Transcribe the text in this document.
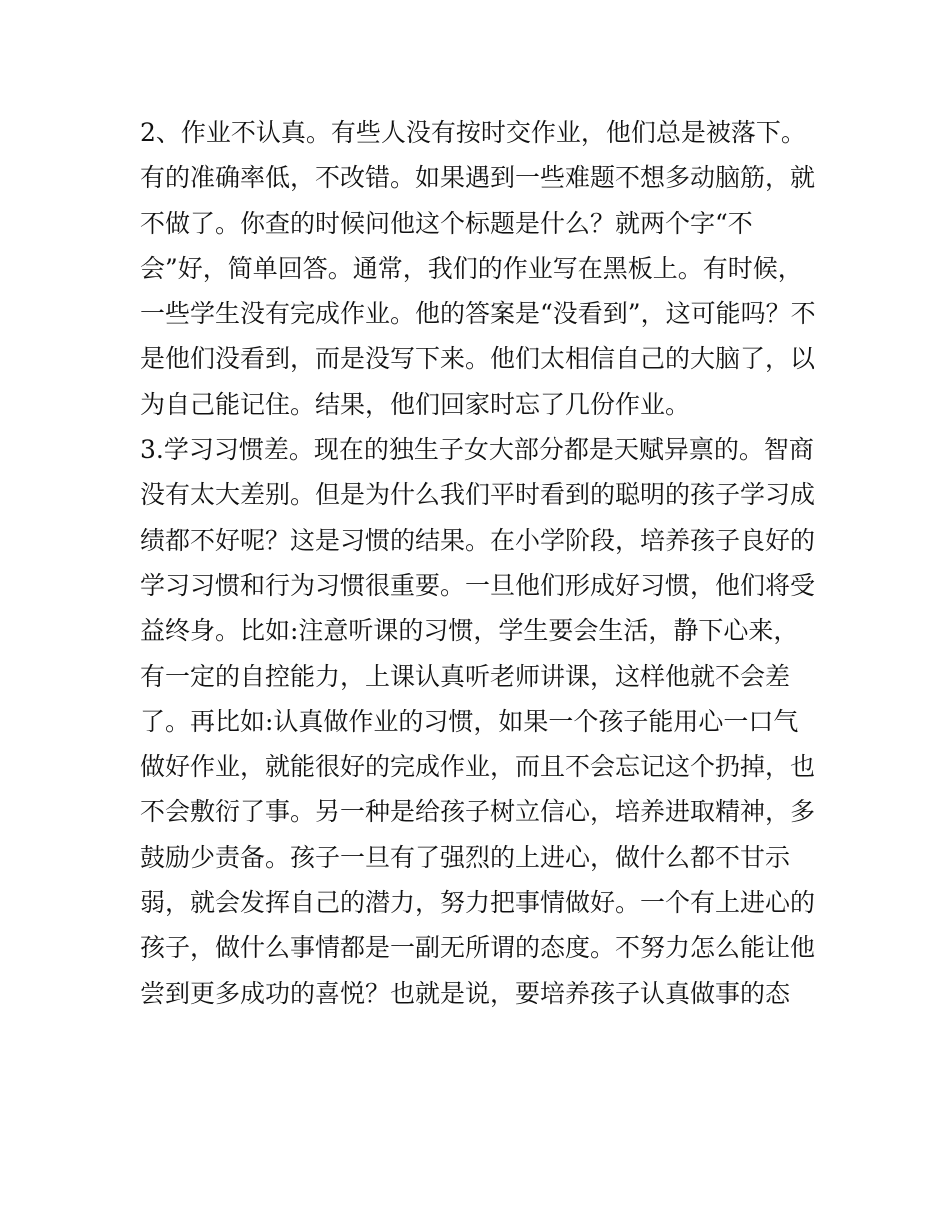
2、作业不认真。有些人没有按时交作业，他们总是被落下。
有的准确率低，不改错。如果遇到一些难题不想多动脑筋，就
不做了。你查的时候问他这个标题是什么？就两个字“不
会”好，简单回答。通常，我们的作业写在黑板上。有时候，
一些学生没有完成作业。他的答案是“没看到”，这可能吗？不
是他们没看到，而是没写下来。他们太相信自己的大脑了，以
为自己能记住。结果，他们回家时忘了几份作业。
3.学习习惯差。现在的独生子女大部分都是天赋异禀的。智商
没有太大差别。但是为什么我们平时看到的聪明的孩子学习成
绩都不好呢？这是习惯的结果。在小学阶段，培养孩子良好的
学习习惯和行为习惯很重要。一旦他们形成好习惯，他们将受
益终身。比如:注意听课的习惯，学生要会生活，静下心来，
有一定的自控能力，上课认真听老师讲课，这样他就不会差
了。再比如:认真做作业的习惯，如果一个孩子能用心一口气
做好作业，就能很好的完成作业，而且不会忘记这个扔掉，也
不会敷衍了事。另一种是给孩子树立信心，培养进取精神，多
鼓励少责备。孩子一旦有了强烈的上进心，做什么都不甘示
弱，就会发挥自己的潜力，努力把事情做好。一个有上进心的
孩子，做什么事情都是一副无所谓的态度。不努力怎么能让他
尝到更多成功的喜悦？也就是说，要培养孩子认真做事的态
